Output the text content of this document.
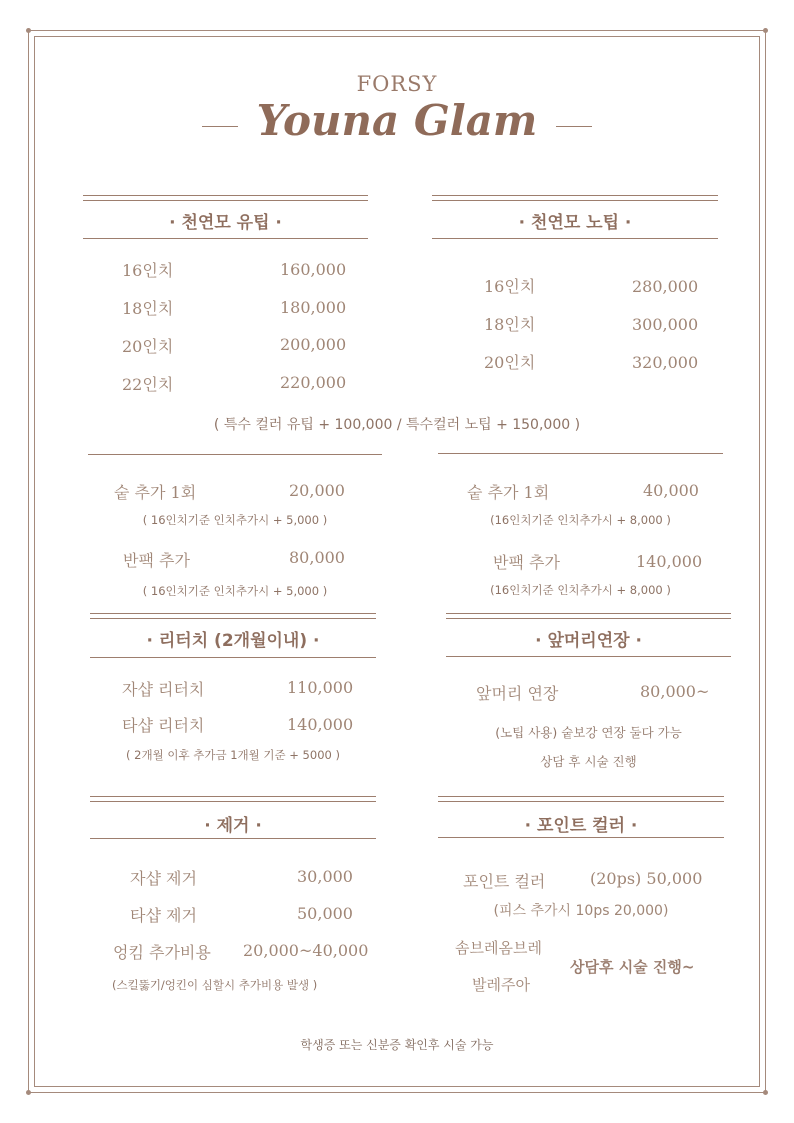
FORSY
Youna Glam
· 천연모 유팁 ·
16인치	160,000
18인치	180,000
20인치	200,000
22인치	220,000
· 천연모 노팁 ·
16인치	280,000
18인치	300,000
20인치	320,000
( 특수 컬러 유팁 + 100,000 / 특수컬러 노팁 + 150,000 )
숱 추가 1회	20,000
( 16인치기준 인치추가시 + 5,000 )
반팩 추가	80,000
( 16인치기준 인치추가시 + 5,000 )
숱 추가 1회	40,000
(16인치기준 인치추가시 + 8,000 )
반팩 추가	140,000
(16인치기준 인치추가시 + 8,000 )
· 리터치 (2개월이내) ·
자샵 리터치	110,000
타샵 리터치	140,000
( 2개월 이후 추가금 1개월 기준 + 5000 )
· 앞머리연장 ·
앞머리 연장	80,000~
(노팁 사용) 숱보강 연장 둘다 가능
상담 후 시술 진행
· 제거 ·
자샵 제거	30,000
타샵 제거	50,000
엉킴 추가비용 20,000~40,000
(스킬뚫기/엉킨이 심할시 추가비용 발생 )
· 포인트 컬러 ·
포인트 컬러	(20ps) 50,000
(피스 추가시 10ps 20,000)
솜브레옴브레
발레주아
상담후 시술 진행~
학생증 또는 신분증 확인후 시술 가능
